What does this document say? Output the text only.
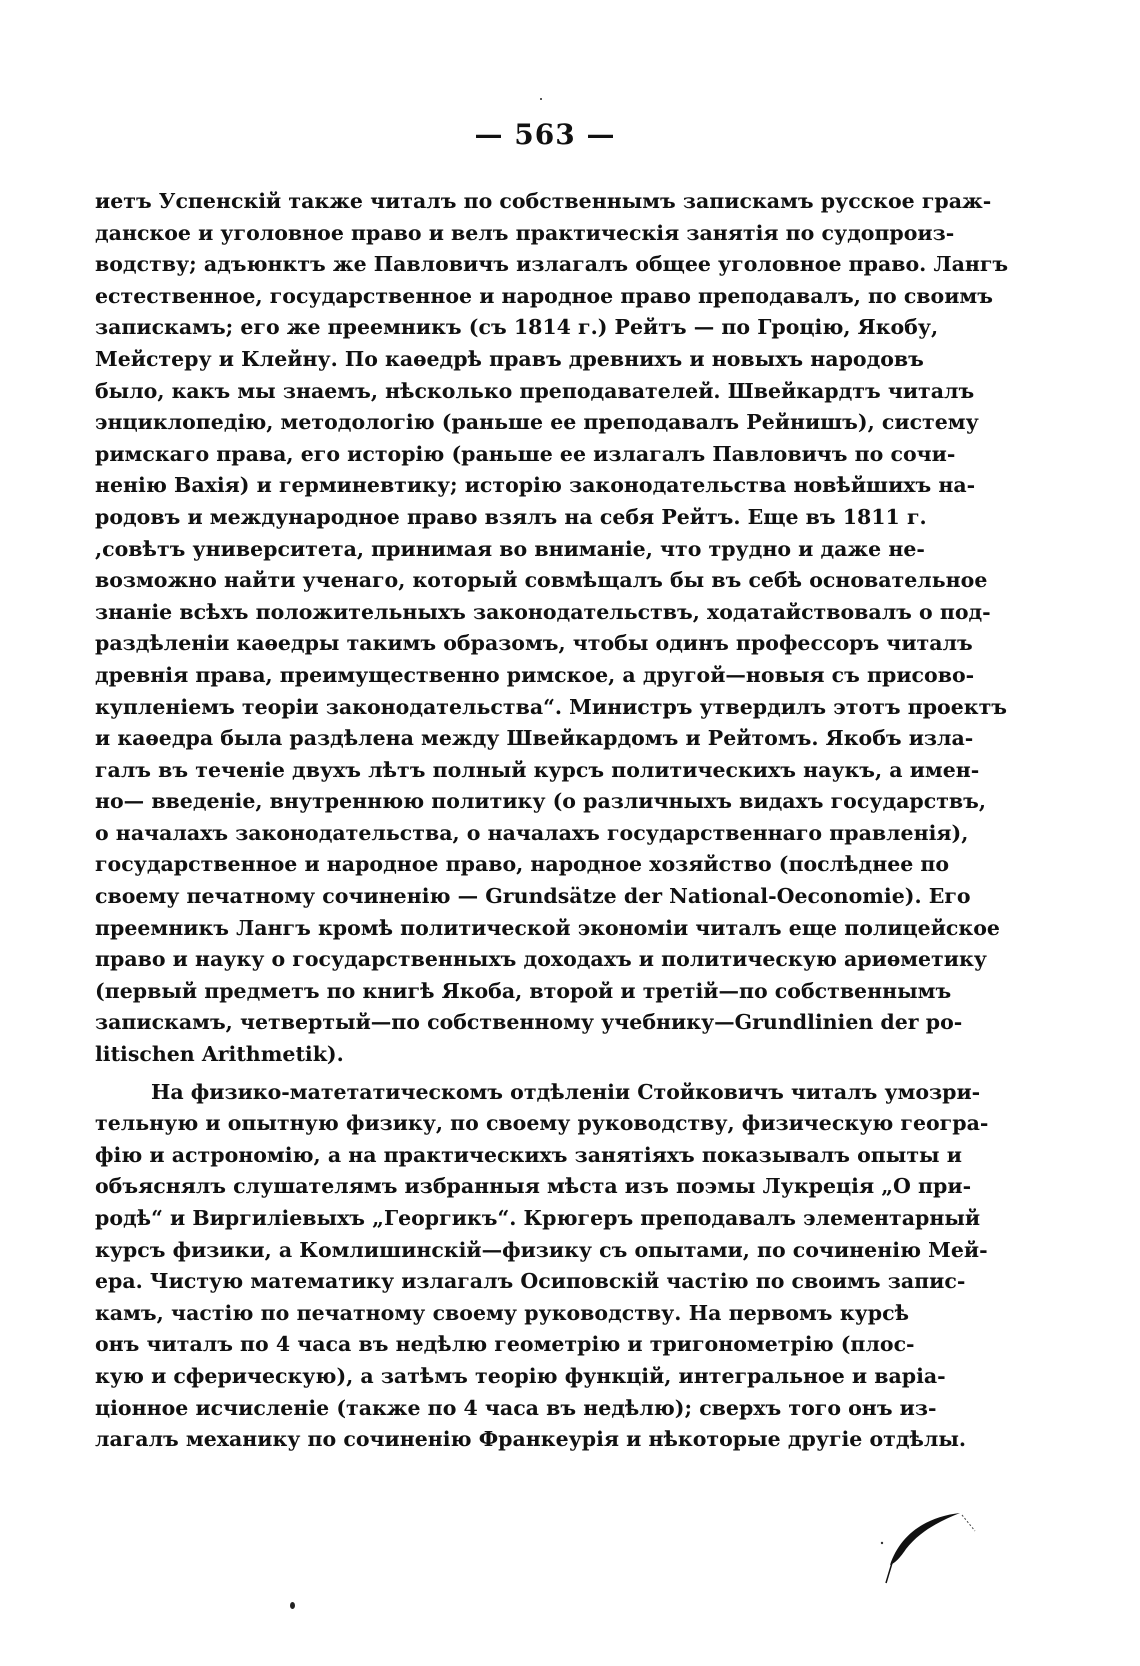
— 563 —
иетъ Успенскій также читалъ по собственнымъ запискамъ русское граж-
данское и уголовное право и велъ практическія занятія по судопроиз-
водству; адъюнктъ же Павловичъ излагалъ общее уголовное право. Лангъ
естественное, государственное и народное право преподавалъ, по своимъ
запискамъ; его же преемникъ (съ 1814 г.) Рейтъ — по Гроцію, Якобу,
Мейстеру и Клейну. По каѳедрѣ правъ древнихъ и новыхъ народовъ
было, какъ мы знаемъ, нѣсколько преподавателей. Швейкардтъ читалъ
энциклопедію, методологію (раньше ее преподавалъ Рейнишъ), систему
римскаго права, его исторію (раньше ее излагалъ Павловичъ по сочи-
ненію Вахія) и герминевтику; исторію законодательства новѣйшихъ на-
родовъ и международное право взялъ на себя Рейтъ. Еще въ 1811 г.
,совѣтъ университета, принимая во вниманіе, что трудно и даже не-
возможно найти ученаго, который совмѣщалъ бы въ себѣ основательное
знаніе всѣхъ положительныхъ законодательствъ, ходатайствовалъ о под-
раздѣленіи каѳедры такимъ образомъ, чтобы одинъ профессоръ читалъ
древнія права, преимущественно римское, а другой—новыя съ присово-
купленіемъ теоріи законодательства“. Министръ утвердилъ этотъ проектъ
и каѳедра была раздѣлена между Швейкардомъ и Рейтомъ. Якобъ изла-
галъ въ теченіе двухъ лѣтъ полный курсъ политическихъ наукъ, а имен-
но— введеніе, внутреннюю политику (о различныхъ видахъ государствъ,
о началахъ законодательства, о началахъ государственнаго правленія),
государственное и народное право, народное хозяйство (послѣднее по
своему печатному сочиненію — Grundsätze der National-Oeconomie). Его
преемникъ Лангъ кромѣ политической экономіи читалъ еще полицейское
право и науку о государственныхъ доходахъ и политическую ариѳметику
(первый предметъ по книгѣ Якоба, второй и третій—по собственнымъ
запискамъ, четвертый—по собственному учебнику—Grundlinien der po-
litischen Arithmetik).
На физико-матетатическомъ отдѣленіи Стойковичъ читалъ умозри-
тельную и опытную физику, по своему руководству, физическую геогра-
фію и астрономію, а на практическихъ занятіяхъ показывалъ опыты и
объяснялъ слушателямъ избранныя мѣста изъ поэмы Лукреція „О при-
родѣ“ и Виргиліевыхъ „Георгикъ“. Крюгеръ преподавалъ элементарный
курсъ физики, а Комлишинскій—физику съ опытами, по сочиненію Мей-
ера. Чистую математику излагалъ Осиповскій частію по своимъ запис-
камъ, частію по печатному своему руководству. На первомъ курсѣ
онъ читалъ по 4 часа въ недѣлю геометрію и тригонометрію (плос-
кую и сферическую), а затѣмъ теорію функцій, интегральное и варіа-
ціонное исчисленіе (также по 4 часа въ недѣлю); сверхъ того онъ из-
лагалъ механику по сочиненію Франкеурія и нѣкоторые другіе отдѣлы.
